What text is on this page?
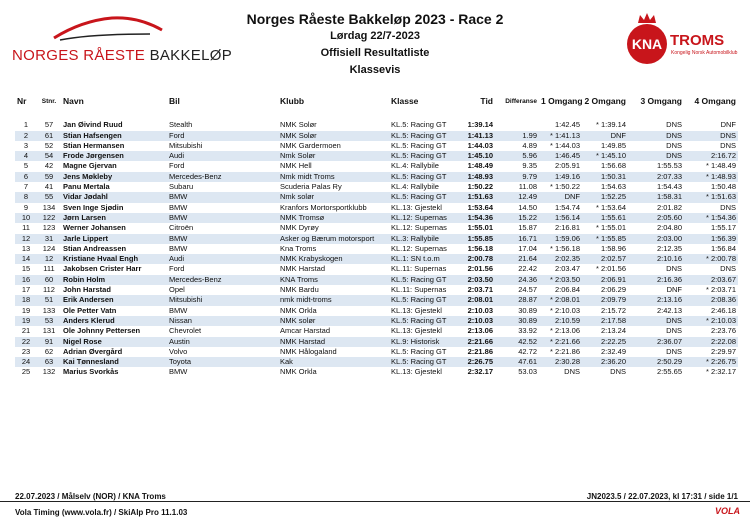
NORGES RÅESTE BAKKELØP
Norges Råeste Bakkeløp 2023 - Race 2
Lørdag 22/7-2023
Offisiell Resultatliste
Klassevis
KNA TROMS
Kongelig Norsk Automobilklub
Nr	Stnr.	Navn	Bil	Klubb	Klasse	Tid	Differanse	1 Omgang	2 Omgang	3 Omgang	4 Omgang

1	57	Jan Øivind Ruud	Stealth	NMK Solør	KL.5: Racing GT	1:39.14		1:42.45	* 1:39.14	DNS	DNF
2	61	Stian Hafsengen	Ford	NMK Solør	KL.5: Racing GT	1:41.13	1.99	* 1:41.13	DNF	DNS	DNS
3	52	Stian Hermansen	Mitsubishi	NMK Gardermoen	KL.5: Racing GT	1:44.03	4.89	* 1:44.03	1:49.85	DNS	DNS
4	54	Frode Jørgensen	Audi	Nmk Solør	KL.5: Racing GT	1:45.10	5.96	1:46.45	* 1:45.10	DNS	2:16.72
5	42	Magne Gjervan	Ford	NMK Hell	KL.4: Rallybile	1:48.49	9.35	2:05.91	1:56.68	1:55.53	* 1:48.49
6	59	Jens Møkleby	Mercedes-Benz	Nmk midt Troms	KL.5: Racing GT	1:48.93	9.79	1:49.16	1:50.31	2:07.33	* 1:48.93
7	41	Panu Mertala	Subaru	Scuderia Palas Ry	KL.4: Rallybile	1:50.22	11.08	* 1:50.22	1:54.63	1:54.43	1:50.48
8	55	Vidar Jødahl	BMW	Nmk solør	KL.5: Racing GT	1:51.63	12.49	DNF	1:52.25	1:58.31	* 1:51.63
9	134	Sven Inge Sjødin	BMW	Kranfors Mortorsportklubb	KL.13: Gjestekl	1:53.64	14.50	1:54.74	* 1:53.64	2:01.82	DNS
10	122	Jørn Larsen	BMW	NMK Tromsø	KL.12: Supernas	1:54.36	15.22	1:56.14	1:55.61	2:05.60	* 1:54.36
11	123	Werner Johansen	Citroën	NMK Dyrøy	KL.12: Supernas	1:55.01	15.87	2:16.81	* 1:55.01	2:04.80	1:55.17
12	31	Jarle Lippert	BMW	Asker og Bærum motorsport	KL.3: Rallybile	1:55.85	16.71	1:59.06	* 1:55.85	2:03.00	1:56.39
13	124	Stian Andreassen	BMW	Kna Troms	KL.12: Supernas	1:56.18	17.04	* 1:56.18	1:58.96	2:12.35	1:56.84
14	12	Kristiane Hvaal Engh	Audi	NMK Krabyskogen	KL.1: SN t.o.m	2:00.78	21.64	2:02.35	2:02.57	2:10.16	* 2:00.78
15	111	Jakobsen Crister Harr	Ford	NMK Harstad	KL.11: Supernas	2:01.56	22.42	2:03.47	* 2:01.56	DNS	DNS
16	60	Robin Holm	Mercedes-Benz	KNA Troms	KL.5: Racing GT	2:03.50	24.36	* 2:03.50	2:06.91	2:16.36	2:03.67
17	112	John Harstad	Opel	NMK Bardu	KL.11: Supernas	2:03.71	24.57	2:06.84	2:06.29	DNF	* 2:03.71
18	51	Erik Andersen	Mitsubishi	nmk midt-troms	KL.5: Racing GT	2:08.01	28.87	* 2:08.01	2:09.79	2:13.16	2:08.36
19	133	Ole Petter Vatn	BMW	NMK Orkla	KL.13: Gjestekl	2:10.03	30.89	* 2:10.03	2:15.72	2:42.13	2:46.18
19	53	Anders Klerud	Nissan	NMK solør	KL.5: Racing GT	2:10.03	30.89	2:10.59	2:17.58	DNS	* 2:10.03
21	131	Ole Johnny Pettersen	Chevrolet	Amcar Harstad	KL.13: Gjestekl	2:13.06	33.92	* 2:13.06	2:13.24	DNS	2:23.76
22	91	Nigel Rose	Austin	NMK Harstad	KL.9: Historisk	2:21.66	42.52	* 2:21.66	2:22.25	2:36.07	2:22.08
23	62	Adrian Øvergård	Volvo	NMK Hålogaland	KL.5: Racing GT	2:21.86	42.72	* 2:21.86	2:32.49	DNS	2:29.97
24	63	Kai Tønnesland	Toyota	Kak	KL.5: Racing GT	2:26.75	47.61	2:30.28	2:36.20	2:50.29	* 2:26.75
25	132	Marius Svorkås	BMW	NMK Orkla	KL.13: Gjestekl	2:32.17	53.03	DNS	DNS	2:55.65	* 2:32.17
22.07.2023 / Målselv (NOR) / KNA Troms	JN2023.5 / 22.07.2023, kl 17:31 / side 1/1
Vola Timing (www.vola.fr) / SkiAlp Pro 11.1.03	VOLA
